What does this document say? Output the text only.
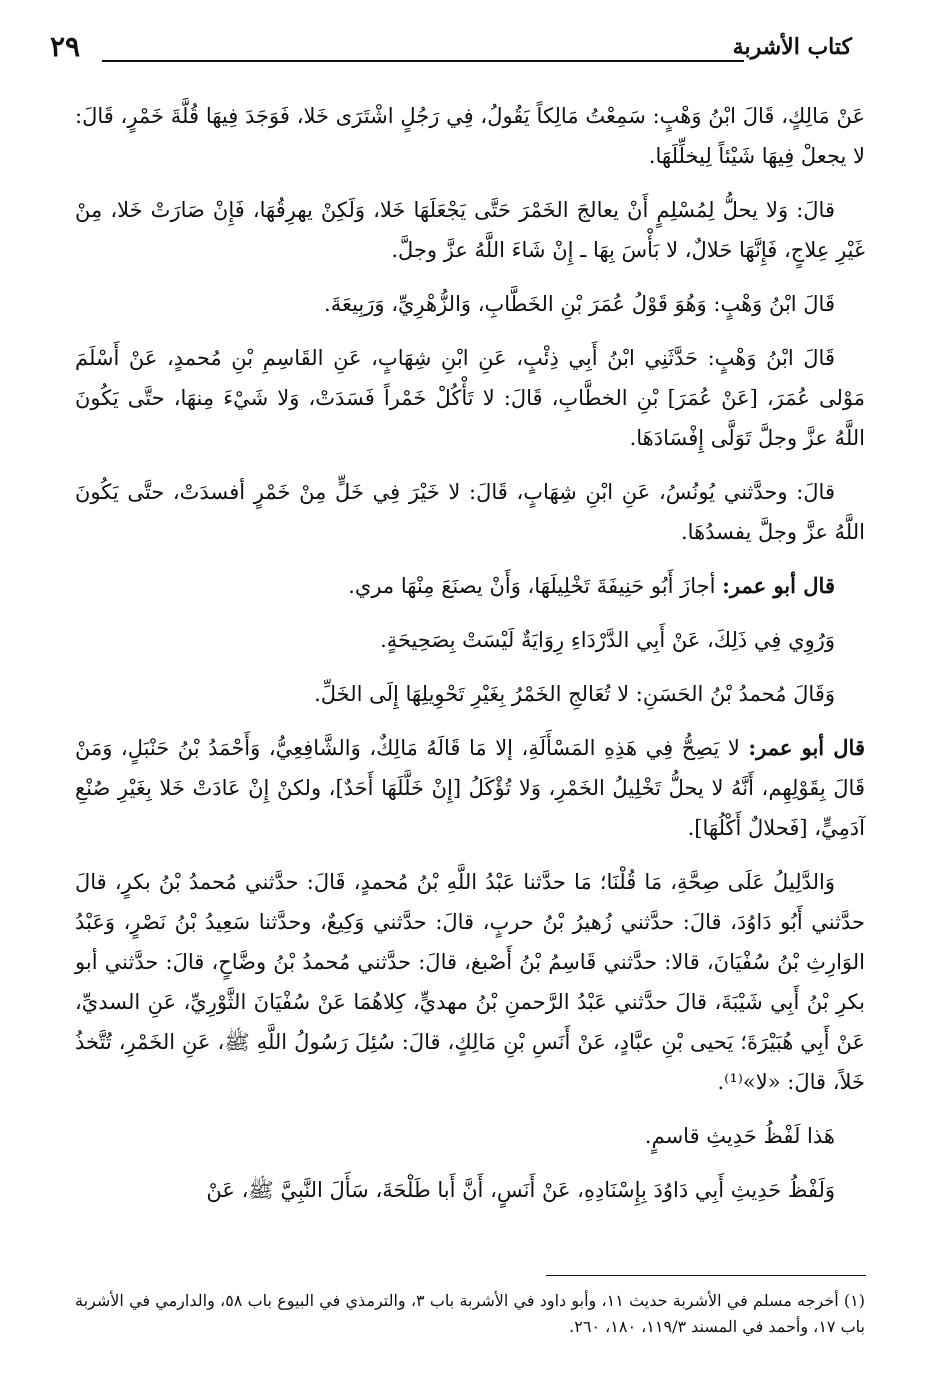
كتاب الأشربة
٢٩

عَنْ مَالِكٍ، قَالَ ابْنُ وَهْبٍ: سَمِعْتُ مَالِكاً يَقُولُ، فِي رَجُلٍ اشْتَرَى خَلا، فَوَجَدَ فِيهَا قُلَّةَ خَمْرٍ، قَالَ: لا يجعلْ فِيهَا شَيْئاً لِيخلِّلَهَا.

قالَ: وَلا يحلُّ لِمُسْلِمٍ أَنْ يعالجَ الخَمْرَ حَتَّى يَجْعَلَهَا خَلا، وَلَكِنْ يهرِقُهَا، فَإِنْ صَارَتْ خَلا، مِنْ غَيْرِ عِلاجٍ، فَإِنَّهَا حَلالٌ، لا بَأْسَ بِهَا ـ إِنْ شَاءَ اللَّهُ عزَّ وجلَّ.

قَالَ ابْنُ وَهْبٍ: وَهُوَ قَوْلُ عُمَرَ بْنِ الخَطَّابِ، وَالزُّهْرِيِّ، وَرَبِيعَةَ.

قَالَ ابْنُ وَهْبٍ: حَدَّثَنِي ابْنُ أَبِي ذِئْبٍ، عَنِ ابْنِ شِهَابٍ، عَنِ القَاسِمِ بْنِ مُحمدٍ، عَنْ أَسْلَمَ مَوْلى عُمَرَ، [عَنْ عُمَرَ] بْنِ الخطَّابِ، قَالَ: لا تَأْكُلْ خَمْراً فَسَدَتْ، وَلا شَيْءَ مِنهَا، حتَّى يَكُونَ اللَّهُ عزَّ وجلَّ تَوَلَّى إِفْسَادَهَا.

قالَ: وحدَّثني يُونُسُ، عَنِ ابْنِ شِهَابٍ، قَالَ: لا خَيْرَ فِي خَلٍّ مِنْ خَمْرٍ أفسدَتْ، حتَّى يَكُونَ اللَّهُ عزَّ وجلَّ يفسدُهَا.

قال أبو عمر: أجازَ أَبُو حَنِيفَةَ تَخْلِيلَهَا، وَأَنْ يصنَعَ مِنْهَا مري.

وَرُوِي فِي ذَلِكَ، عَنْ أَبِي الدَّرْدَاءِ رِوَايَةٌ لَيْسَتْ بِصَحِيحَةٍ.

وَقَالَ مُحمدُ بْنُ الحَسَنِ: لا تُعَالجِ الخَمْرُ بِغَيْرِ تَحْوِيلِهَا إِلَى الخَلِّ.

قال أبو عمر: لا يَصِحُّ فِي هَذِهِ المَسْأَلَةِ، إلا مَا قَالَهُ مَالِكٌ، وَالشَّافِعِيُّ، وَأَحْمَدُ بْنُ حَنْبَلٍ، وَمَنْ قَالَ بِقَوْلِهِم، أَنَّهُ لا يحلُّ تَخْلِيلُ الخَمْرِ، وَلا تُؤْكَلُ [إِنْ خَلَّلَهَا أَحَدٌ]، ولكنْ إِنْ عَادَتْ خَلا بِغَيْرِ صُنْعِ آدَمِيٍّ، [فَحلالٌ أَكْلُهَا].

وَالدَّلِيلُ عَلَى صِحَّةِ، مَا قُلْنَا؛ مَا حدَّثنا عَبْدُ اللَّهِ بْنُ مُحمدٍ، قَالَ: حدَّثني مُحمدُ بْنُ بكرٍ، قالَ حدَّثني أَبُو دَاوُدَ، قالَ: حدَّثني زُهيرُ بْنُ حربٍ، قالَ: حدَّثني وَكِيعٌ، وحدَّثنا سَعِيدُ بْنُ نَصْرٍ، وَعَبْدُ الوَارِثِ بْنُ سُفْيَانَ، قالا: حدَّثني قَاسِمُ بْنُ أَصْبغ، قالَ: حدَّثني مُحمدُ بْنُ وضَّاحٍ، قالَ: حدَّثني أبو بكرِ بْنُ أَبِي شَيْبَةَ، قالَ حدَّثني عَبْدُ الرَّحمنِ بْنُ مهديٍّ، كِلاهُمَا عَنْ سُفْيَانَ الثَّوْرِيِّ، عَنِ السديِّ، عَنْ أَبِي هُبَيْرَةَ؛ يَحيى بْنِ عبَّادٍ، عَنْ أَنَسِ بْنِ مَالِكٍ، قالَ: سُئِلَ رَسُولُ اللَّهِ ﷺ، عَنِ الخَمْرِ، تُتَّخذُ خَلاً، قالَ: «لا»⁽¹⁾.

هَذا لَفْظُ حَدِيثِ قاسمٍ.

وَلَفْظُ حَدِيثِ أَبِي دَاوُدَ بِإِسْنَادِهِ، عَنْ أَنَسٍ، أَنَّ أَبا طَلْحَةَ، سَأَلَ النَّبِيَّ ﷺ، عَنْ

(١) أخرجه مسلم في الأشربة حديث ١١، وأبو داود في الأشربة باب ٣، والترمذي في البيوع باب ٥٨، والدارمي في الأشربة باب ١٧، وأحمد في المسند ١١٩/٣، ١٨٠، ٢٦٠.
